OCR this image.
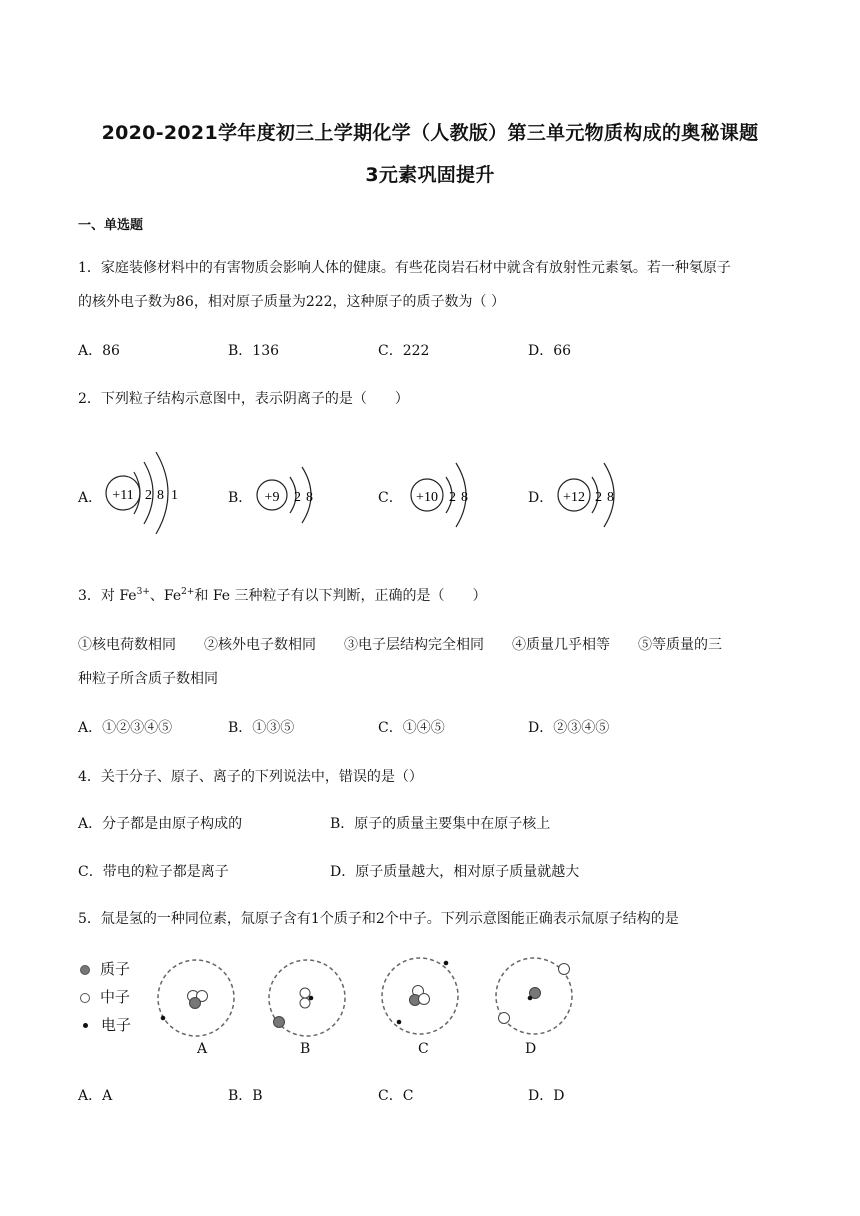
2020-2021学年度初三上学期化学（人教版）第三单元物质构成的奥秘课题
3元素巩固提升
一、单选题
1．家庭装修材料中的有害物质会影响人体的健康。有些花岗岩石材中就含有放射性元素氡。若一种氡原子
的核外电子数为86，相对原子质量为222，这种原子的质子数为（ ）
A．86	B．136	C．222	D．66
2．下列粒子结构示意图中，表示阴离子的是（　　）
A． +11 2 8 1	B． +9 2 8	C． +10 2 8	D． +12 2 8
3．对 $Fe^{3+}$、$Fe^{2+}$和 Fe 三种粒子有以下判断，正确的是（　　）
①核电荷数相同　　②核外电子数相同　　③电子层结构完全相同　　④质量几乎相等　　⑤等质量的三
种粒子所含质子数相同
A．①②③④⑤	B．①③⑤	C．①④⑤	D．②③④⑤
4．关于分子、原子、离子的下列说法中，错误的是（）
A．分子都是由原子构成的	B．原子的质量主要集中在原子核上
C．带电的粒子都是离子	D．原子质量越大，相对原子质量就越大
5．氚是氢的一种同位素，氚原子含有1个质子和2个中子。下列示意图能正确表示氚原子结构的是
质子
中子
电子
A	B	C	D
A．A	B．B	C．C	D．D
